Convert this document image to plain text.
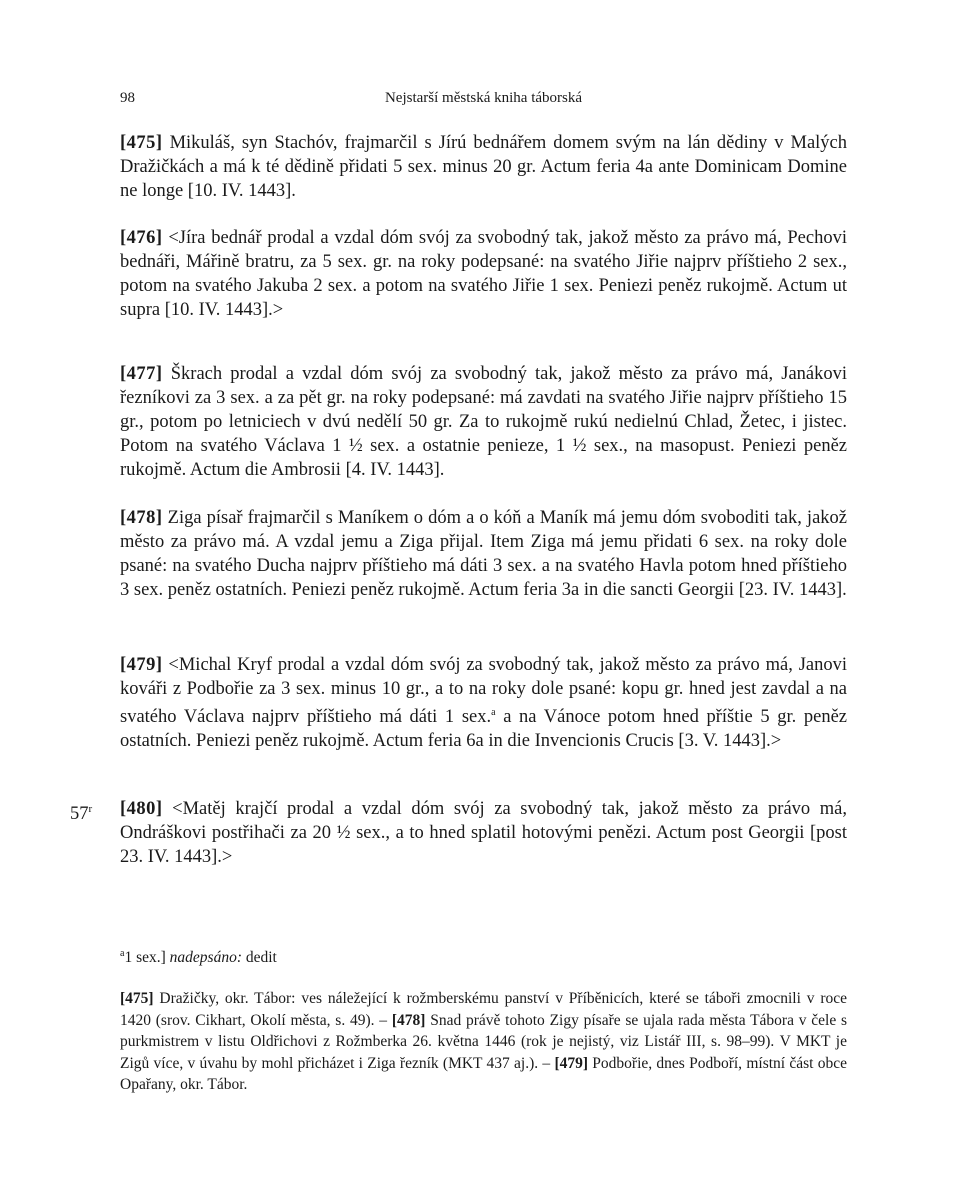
98	Nejstarší městská kniha táborská

[475] Mikuláš, syn Stachóv, frajmarčil s Jírú bednářem domem svým na lán dědiny v Malých Dražičkách a má k té dědině přidati 5 sex. minus 20 gr. Actum feria 4a ante Dominicam Domine ne longe [10. IV. 1443].

[476] <Jíra bednář prodal a vzdal dóm svój za svobodný tak, jakož město za právo má, Pechovi bednáři, Mářině bratru, za 5 sex. gr. na roky podepsané: na svatého Jiřie najprv příštieho 2 sex., potom na svatého Jakuba 2 sex. a potom na svatého Jiřie 1 sex. Peniezi peněz rukojmě. Actum ut supra [10. IV. 1443].>

[477] Škrach prodal a vzdal dóm svój za svobodný tak, jakož město za právo má, Janákovi řezníkovi za 3 sex. a za pět gr. na roky podepsané: má zavdati na svatého Jiřie najprv příštieho 15 gr., potom po letniciech v dvú nedělí 50 gr. Za to rukojmě rukú nedielnú Chlad, Žetec, i jistec. Potom na svatého Václava 1 ½ sex. a ostatnie penieze, 1 ½ sex., na masopust. Peniezi peněz rukojmě. Actum die Ambrosii [4. IV. 1443].

[478] Ziga písař frajmarčil s Maníkem o dóm a o kóň a Maník má jemu dóm svoboditi tak, jakož město za právo má. A vzdal jemu a Ziga přijal. Item Ziga má jemu přidati 6 sex. na roky dole psané: na svatého Ducha najprv příštieho má dáti 3 sex. a na svatého Havla potom hned příštieho 3 sex. peněz ostatních. Peniezi peněz rukojmě. Actum feria 3a in die sancti Georgii [23. IV. 1443].

[479] <Michal Kryf prodal a vzdal dóm svój za svobodný tak, jakož město za právo má, Janovi kováři z Podbořie za 3 sex. minus 10 gr., a to na roky dole psané: kopu gr. hned jest zavdal a na svatého Václava najprv příštieho má dáti 1 sex.$^a$ a na Vánoce potom hned příštie 5 gr. peněz ostatních. Peniezi peněz rukojmě. Actum feria 6a in die Invencionis Crucis [3. V. 1443].>

57$^r$ [480] <Matěj krajčí prodal a vzdal dóm svój za svobodný tak, jakož město za právo má, Ondráškovi postřihači za 20 ½ sex., a to hned splatil hotovými penězi. Actum post Georgii [post 23. IV. 1443].>

$^a$1 sex.] nadepsáno: dedit

[475] Dražičky, okr. Tábor: ves náležející k rožmberskému panství v Příběnicích, které se táboři zmocnili v roce 1420 (srov. Cikhart, Okolí města, s. 49). – [478] Snad právě tohoto Zigy písaře se ujala rada města Tábora v čele s purkmistrem v listu Oldřichovi z Rožmberka 26. května 1446 (rok je nejistý, viz Listář III, s. 98–99). V MKT je Zigů více, v úvahu by mohl přicházet i Ziga řezník (MKT 437 aj.). – [479] Podbořie, dnes Podboří, místní část obce Opařany, okr. Tábor.
